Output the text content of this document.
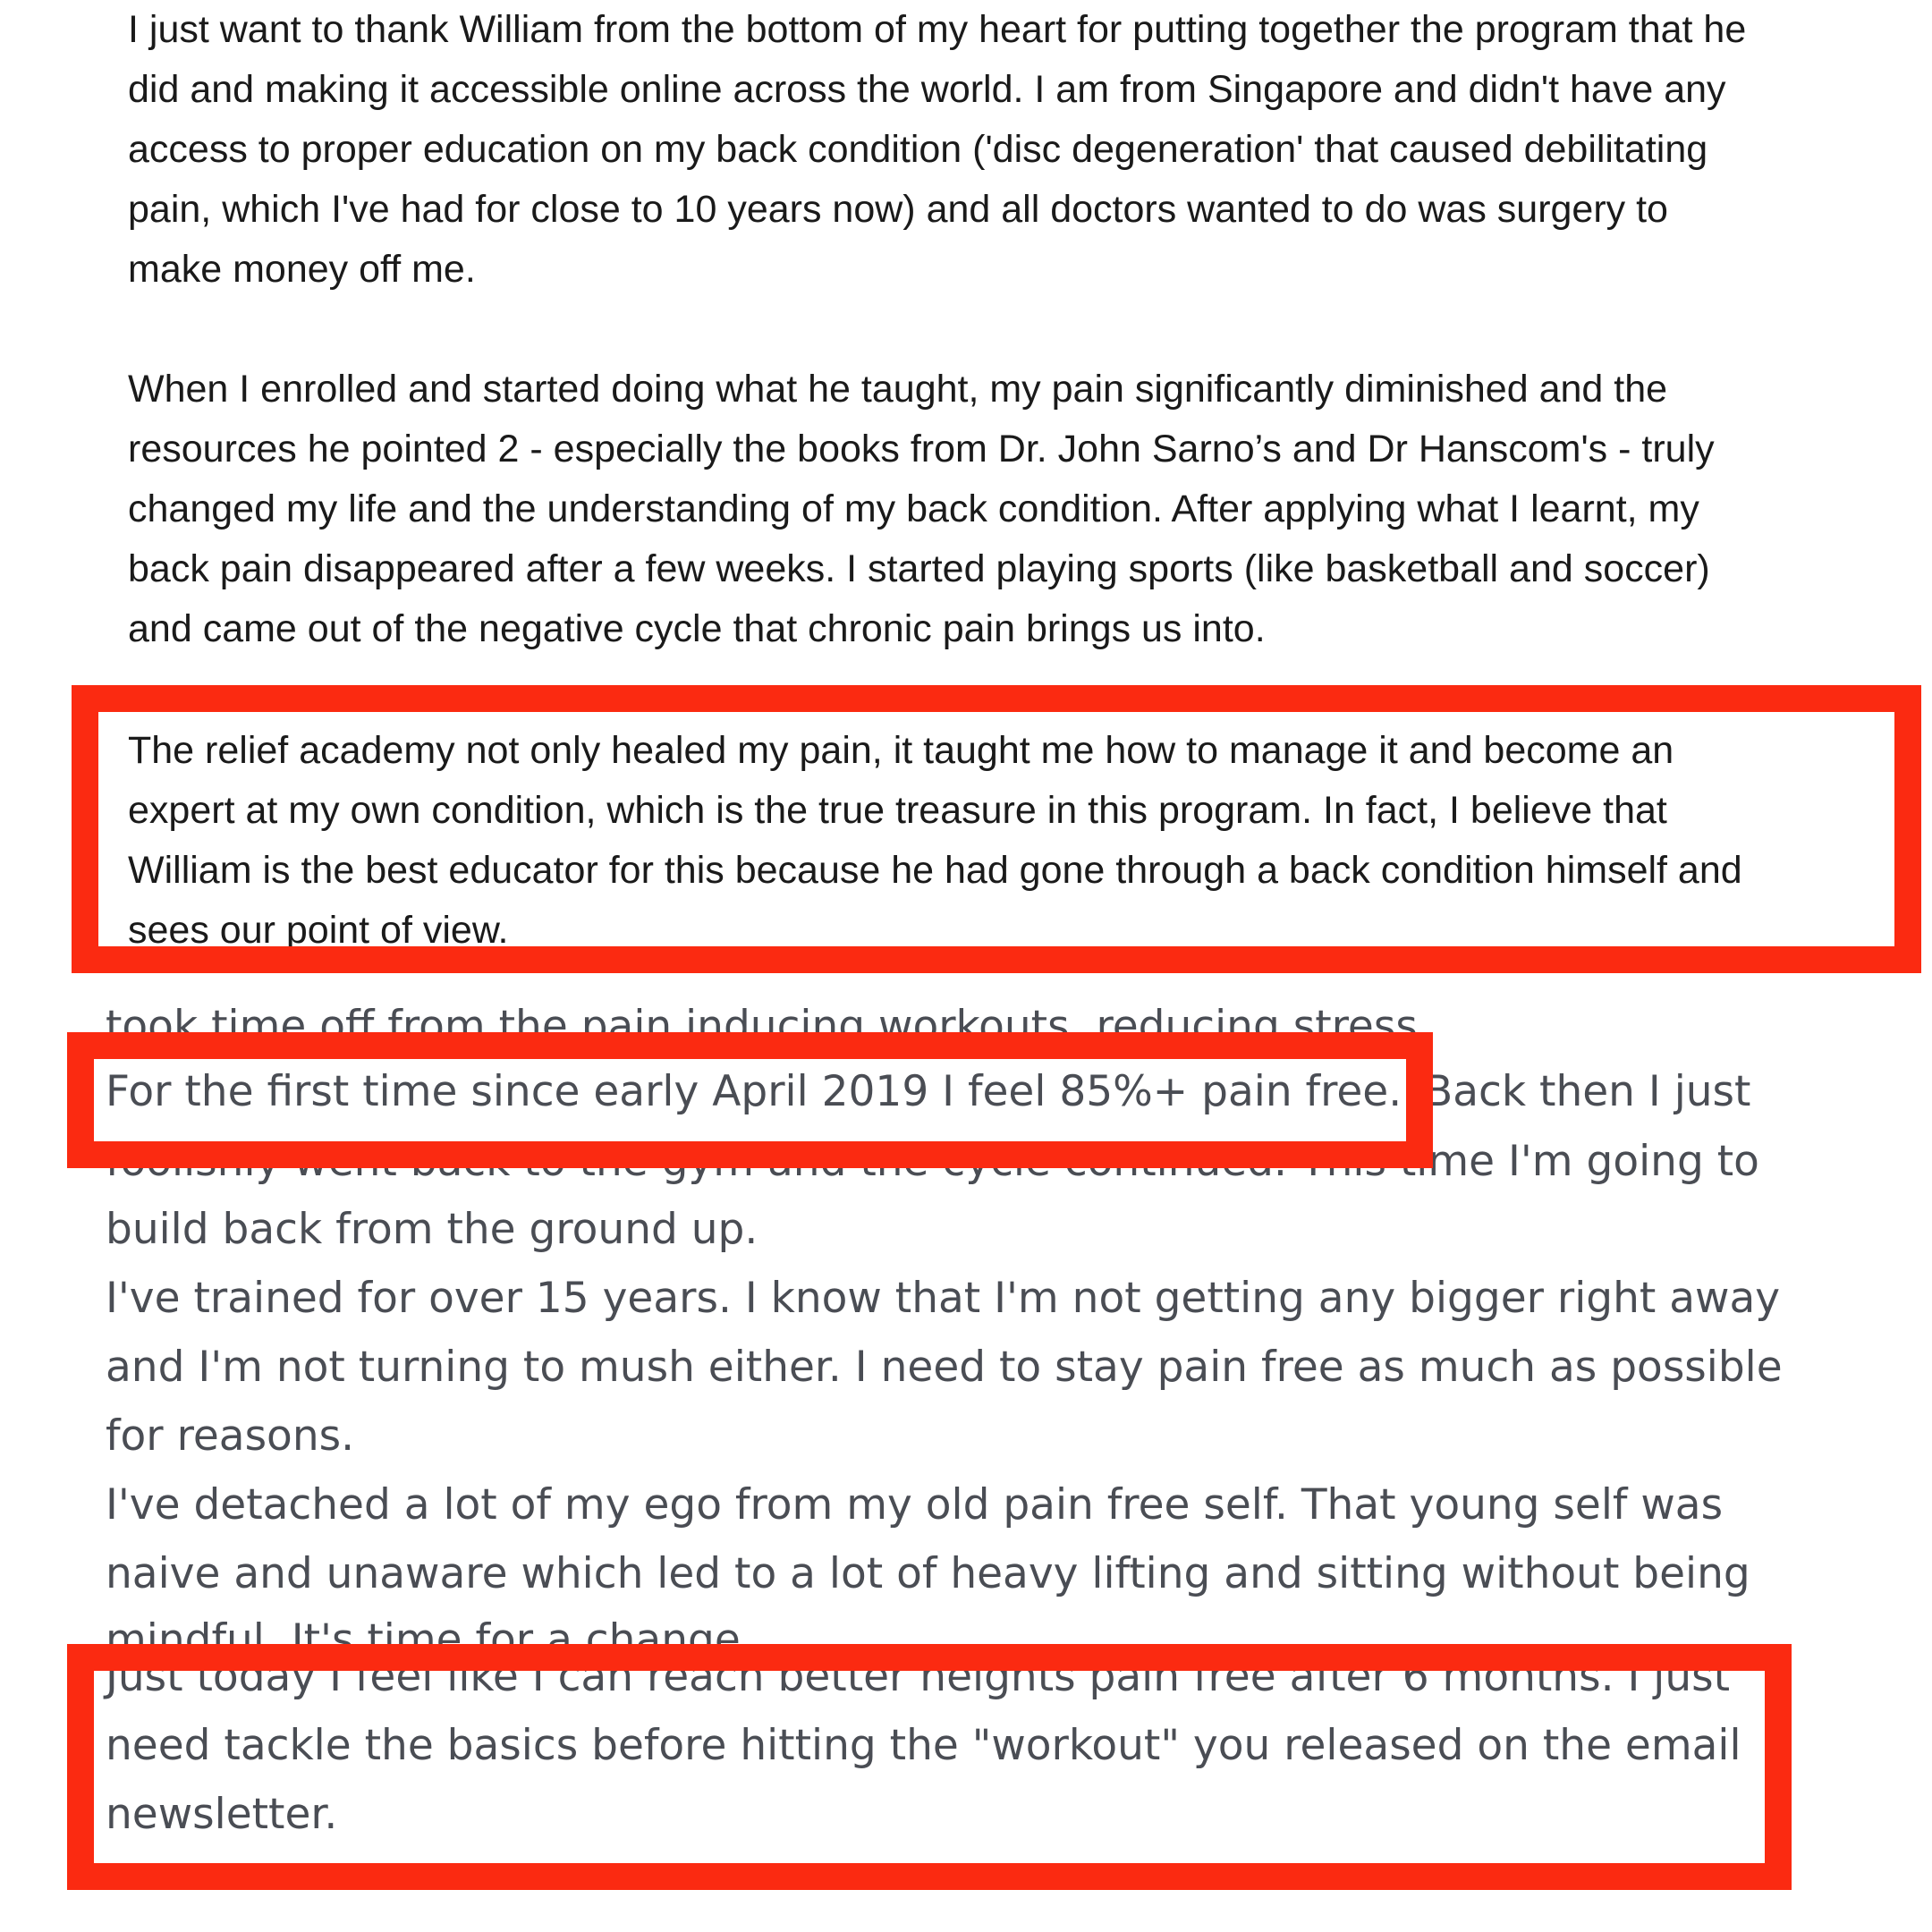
I just want to thank William from the bottom of my heart for putting together the program that he
did and making it accessible online across the world. I am from Singapore and didn't have any
access to proper education on my back condition ('disc degeneration' that caused debilitating
pain, which I've had for close to 10 years now) and all doctors wanted to do was surgery to
make money off me.

When I enrolled and started doing what he taught, my pain significantly diminished and the
resources he pointed 2 - especially the books from Dr. John Sarno’s and Dr Hanscom's - truly
changed my life and the understanding of my back condition. After applying what I learnt, my
back pain disappeared after a few weeks. I started playing sports (like basketball and soccer)
and came out of the negative cycle that chronic pain brings us into.

The relief academy not only healed my pain, it taught me how to manage it and become an
expert at my own condition, which is the true treasure in this program. In fact, I believe that
William is the best educator for this because he had gone through a back condition himself and
sees our point of view.

took time off from the pain inducing workouts, reducing stress.

For the first time since early April 2019 I feel 85%+ pain free. Back then I just

foolishly went back to the gym and the cycle continued. This time I'm going to

build back from the ground up.

I've trained for over 15 years. I know that I'm not getting any bigger right away
and I'm not turning to mush either. I need to stay pain free as much as possible
for reasons.

I've detached a lot of my ego from my old pain free self. That young self was
naive and unaware which led to a lot of heavy lifting and sitting without being

mindful. It's time for a change.

Just today I feel like I can reach better heights pain free after 6 months. I just
need tackle the basics before hitting the "workout" you released on the email
newsletter.
